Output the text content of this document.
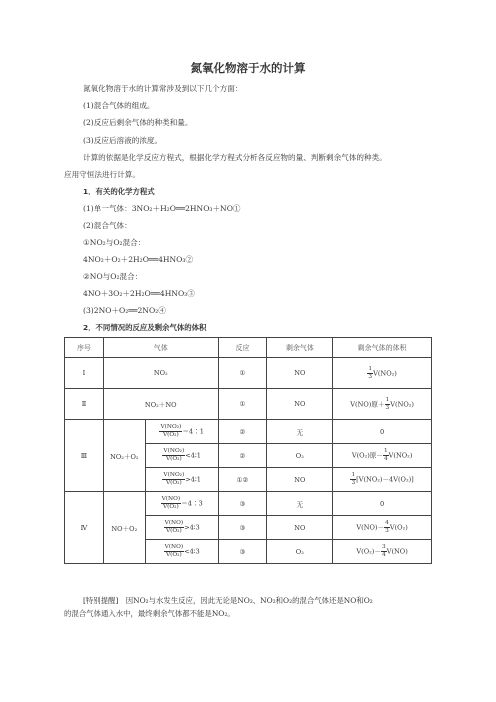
氮氧化物溶于水的计算
氮氧化物溶于水的计算常涉及到以下几个方面：
(1)混合气体的组成。
(2)反应后剩余气体的种类和量。
(3)反应后溶液的浓度。
计算的依据是化学反应方程式，根据化学方程式分析各反应物的量、判断剩余气体的种类。
应用守恒法进行计算。
1．有关的化学方程式
(1)单一气体：3NO₂＋H₂O══2HNO₃＋NO①
(2)混合气体：
①NO₂与O₂混合：
4NO₂＋O₂＋2H₂O══4HNO₃②
②NO与O₂混合：
4NO＋3O₂＋2H₂O══4HNO₃③
(3)2NO＋O₂══2NO₂④
2．不同情况的反应及剩余气体的体积
序号	气体		反应	剩余气体	剩余气体的体积
Ⅰ	NO₂		①	NO	$\frac{1}{3} V(NO_2)$
Ⅱ	NO₂＋NO		①	NO	V(NO)原＋ $\frac{1}{3} V(NO_2)$
Ⅲ	NO₂＋O₂	$\frac{\text{V(NO₂)}}{\text{V(O₂)}}$ ＝4∶1	②	无	0

		$\frac{\text{V(NO₂)}}{\text{V(O₂)}}$ <4∶1	②	O₂	V(O₂)原－ $\frac{1}{4} V(NO_2)$

		$\frac{\text{V(NO₂)}}{\text{V(O₂)}}$ >4∶1	①②	NO	$\frac{1}{3} [V(NO_2)-4V(O_2)]$
Ⅳ	NO＋O₂	$\frac{V(NO)}{\text{V(O₂)}}$ ＝4∶3	③	无	0

		$\frac{V(NO)}{\text{V(O₂)}}$ >4∶3	③	NO	$V(NO)- \frac{4}{3} V(O_2)$

		$\frac{V(NO)}{\text{V(O₂)}}$ <4∶3	③	O₂	$V(O_2)- \frac{3}{4} V(NO)$
[特别提醒]　因NO₂与水发生反应，因此无论是NO₂、NO₂和O₂的混合气体还是NO和O₂
的混合气体通入水中，最终剩余气体都不能是NO₂。
